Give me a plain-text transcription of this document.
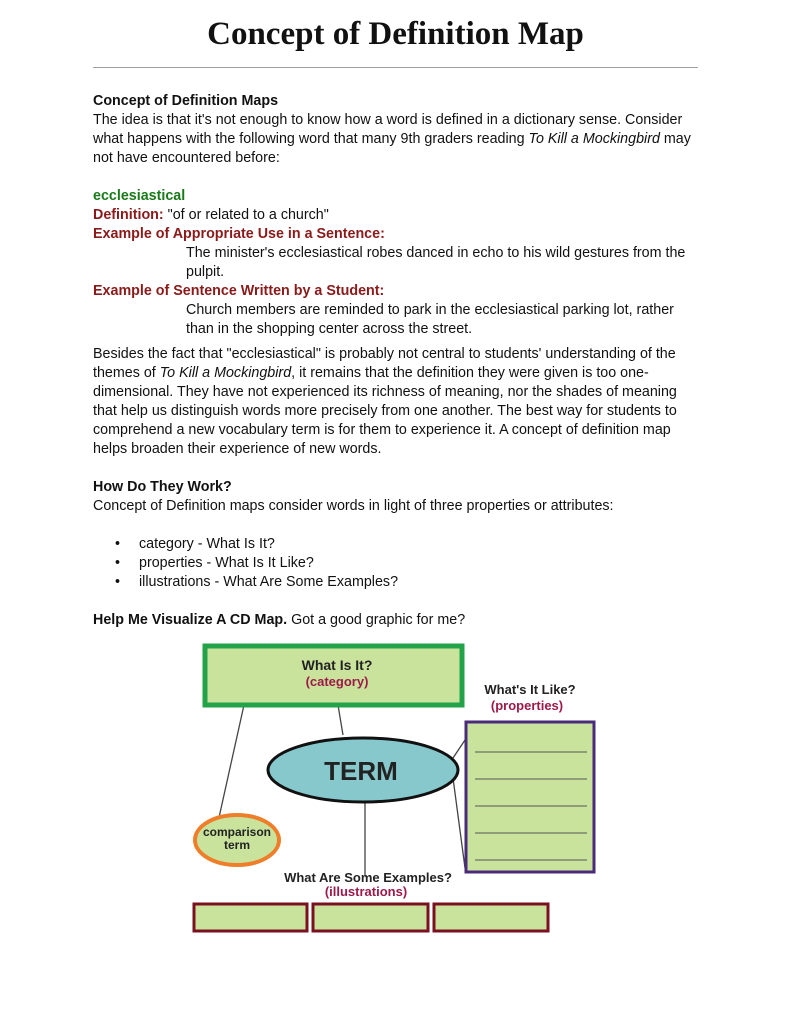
Concept of Definition Map

Concept of Definition Maps

The idea is that it's not enough to know how a word is defined in a dictionary sense. Consider what happens with the following word that many 9th graders reading To Kill a Mockingbird may not have encountered before:

ecclesiastical

Definition: "of or related to a church"

Example of Appropriate Use in a Sentence:

The minister's ecclesiastical robes danced in echo to his wild gestures from the pulpit.

Example of Sentence Written by a Student:

Church members are reminded to park in the ecclesiastical parking lot, rather than in the shopping center across the street.

Besides the fact that "ecclesiastical" is probably not central to students' understanding of the themes of To Kill a Mockingbird, it remains that the definition they were given is too one-dimensional. They have not experienced its richness of meaning, nor the shades of meaning that help us distinguish words more precisely from one another. The best way for students to comprehend a new vocabulary term is for them to experience it. A concept of definition map helps broaden their experience of new words.

How Do They Work?

Concept of Definition maps consider words in light of three properties or attributes:

• category - What Is It?
• properties - What Is It Like?
• illustrations - What Are Some Examples?

Help Me Visualize A CD Map. Got a good graphic for me?

What Is It?
(category)
What's It Like?
(properties)
TERM
comparison
term
What Are Some Examples?
(illustrations)
